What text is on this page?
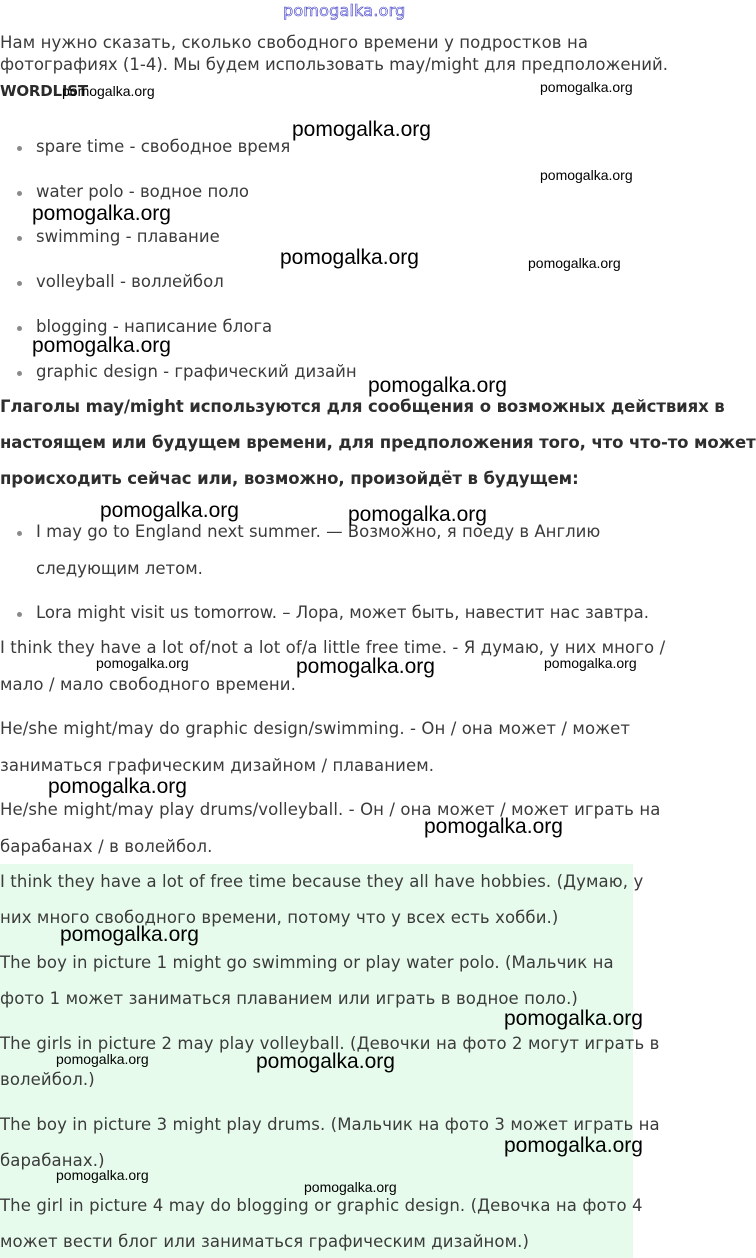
pomogalka.org
Нам нужно сказать, сколько свободного времени у подростков на
фотографиях (1-4). Мы будем использовать may/might для предположений.
WORDLIST
spare time - свободное время
water polo - водное поло
swimming - плавание
volleyball - воллейбол
blogging - написание блога
graphic design - графический дизайн
Глаголы may/might используются для сообщения о возможных действиях в
настоящем или будущем времени, для предположения того, что что-то может
происходить сейчас или, возможно, произойдёт в будущем:
I may go to England next summer. — Возможно, я поеду в Англию
следующим летом.
Lora might visit us tomorrow. – Лора, может быть, навестит нас завтра.
I think they have a lot of/not a lot of/a little free time. - Я думаю, у них много /
мало / мало свободного времени.
He/she might/may do graphic design/swimming. - Он / она может / может
заниматься графическим дизайном / плаванием.
He/she might/may play drums/volleyball. - Он / она может / может играть на
барабанах / в волейбол.
I think they have a lot of free time because they all have hobbies. (Думаю, у
них много свободного времени, потому что у всех есть хобби.)
The boy in picture 1 might go swimming or play water polo. (Мальчик на
фото 1 может заниматься плаванием или играть в водное поло.)
The girls in picture 2 may play volleyball. (Девочки на фото 2 могут играть в
волейбол.)
The boy in picture 3 might play drums. (Мальчик на фото 3 может играть на
барабанах.)
The girl in picture 4 may do blogging or graphic design. (Девочка на фото 4
может вести блог или заниматься графическим дизайном.)
pomogalka.org	pomogalka.org
pomogalka.org
pomogalka.org
pomogalka.org
pomogalka.org	pomogalka.org
pomogalka.org
pomogalka.org
pomogalka.org	pomogalka.org
pomogalka.org	pomogalka.org	pomogalka.org
pomogalka.org
pomogalka.org
pomogalka.org
pomogalka.org
pomogalka.org	pomogalka.org
pomogalka.org
pomogalka.org
pomogalka.org
